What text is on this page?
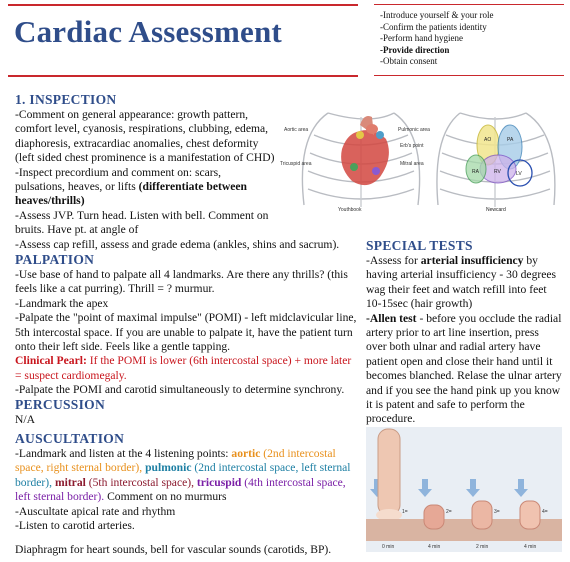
Cardiac Assessment	-Introduce yourself & your role
-Confirm the patients identity
-Perform hand hygiene
-Provide direction
-Obtain consent
1. INSPECTION
-Comment on general appearance: growth pattern,
comfort level, cyanosis, respirations, clubbing, edema,
diaphoresis, extracardiac anomalies, chest deformity
(left sided chest prominence is a manifestation of CHD)
-Inspect precordium and comment on: scars,
pulsations, heaves, or lifts (differentiate between
heaves/thrills)
-Assess JVP. Turn head. Listen with bell. Comment on
bruits. Have pt. at angle of
-Assess cap refill, assess and grade edema (ankles, shins and sacrum).
Aortic area
Tricuspid area
Pulmonic area
Erb's point
Mitral area
Youthbook
AO	PA
LV
RV
RA
Newcard
PALPATION
-Use base of hand to palpate all 4 landmarks. Are there any thrills? (this
feels like a cat purring). Thrill = ? murmur.
-Landmark the apex
-Palpate the "point of maximal impulse" (POMI) - left midclavicular line,
5th intercostal space. If you are unable to palpate it, have the patient turn
onto their left side. Feels like a gentle tapping.
Clinical Pearl: If the POMI is lower (6th intercostal space) + more later
= suspect cardiomegaly.
-Palpate the POMI and carotid simultaneously to determine synchrony.
PERCUSSION
N/A
AUSCULTATION
-Landmark and listen at the 4 listening points: aortic (2nd intercostal
space, right sternal border), pulmonic (2nd intercostal space, left sternal
border), mitral (5th intercostal space), tricuspid (4th intercostal space,
left sternal border). Comment on no murmurs
-Auscultate apical rate and rhythm
-Listen to carotid arteries.
Diaphragm for heart sounds, bell for vascular sounds (carotids, BP).
SPECIAL TESTS
-Assess for arterial insufficiency by
having arterial insufficiency - 30 degrees
wag their feet and watch refill into feet
10-15sec (hair growth)
-Allen test - before you occlude the radial
artery prior to art line insertion, press
over both ulnar and radial artery have
patient open and close their hand until it
becomes blanched. Relase the ulnar artery
and if you see the hand pink up you know
it is patent and safe to perform the
procedure.
1=	2=	3=	4=
0 min	4 min	2 min	4 min
